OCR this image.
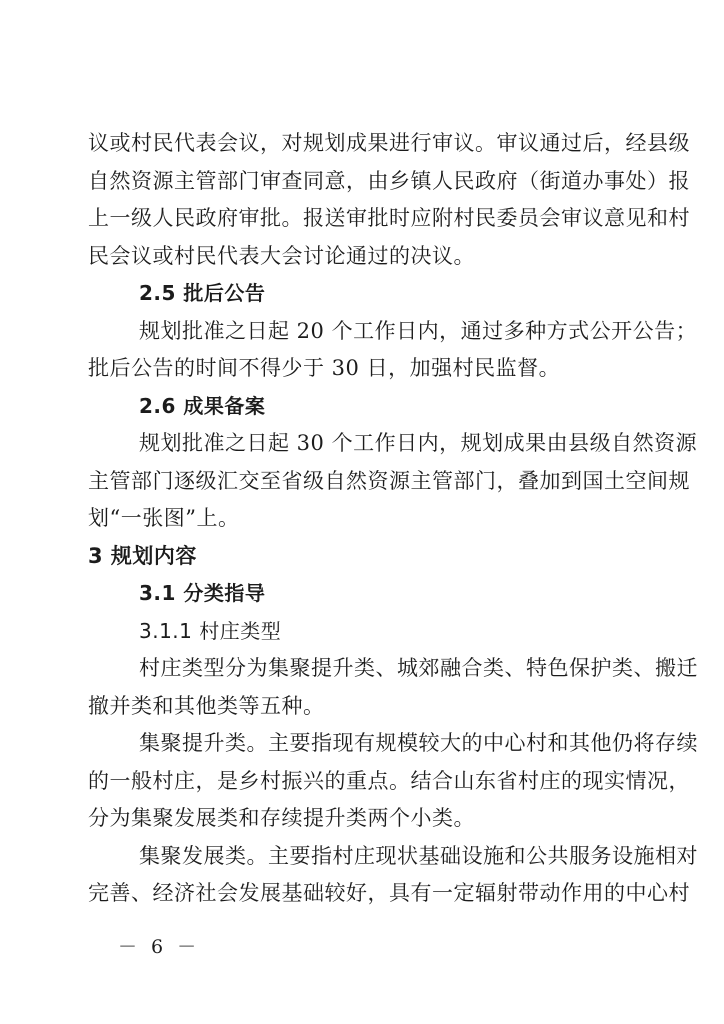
议或村民代表会议，对规划成果进行审议。审议通过后，经县级
自然资源主管部门审查同意，由乡镇人民政府（街道办事处）报
上一级人民政府审批。报送审批时应附村民委员会审议意见和村
民会议或村民代表大会讨论通过的决议。
2.5 批后公告
规划批准之日起 20 个工作日内，通过多种方式公开公告；
批后公告的时间不得少于 30 日，加强村民监督。
2.6 成果备案
规划批准之日起 30 个工作日内，规划成果由县级自然资源
主管部门逐级汇交至省级自然资源主管部门，叠加到国土空间规
划“一张图”上。
3 规划内容
3.1 分类指导
3.1.1 村庄类型
村庄类型分为集聚提升类、城郊融合类、特色保护类、搬迁
撤并类和其他类等五种。
集聚提升类。主要指现有规模较大的中心村和其他仍将存续
的一般村庄，是乡村振兴的重点。结合山东省村庄的现实情况，
分为集聚发展类和存续提升类两个小类。
集聚发展类。主要指村庄现状基础设施和公共服务设施相对
完善、经济社会发展基础较好，具有一定辐射带动作用的中心村
－ 6 －
